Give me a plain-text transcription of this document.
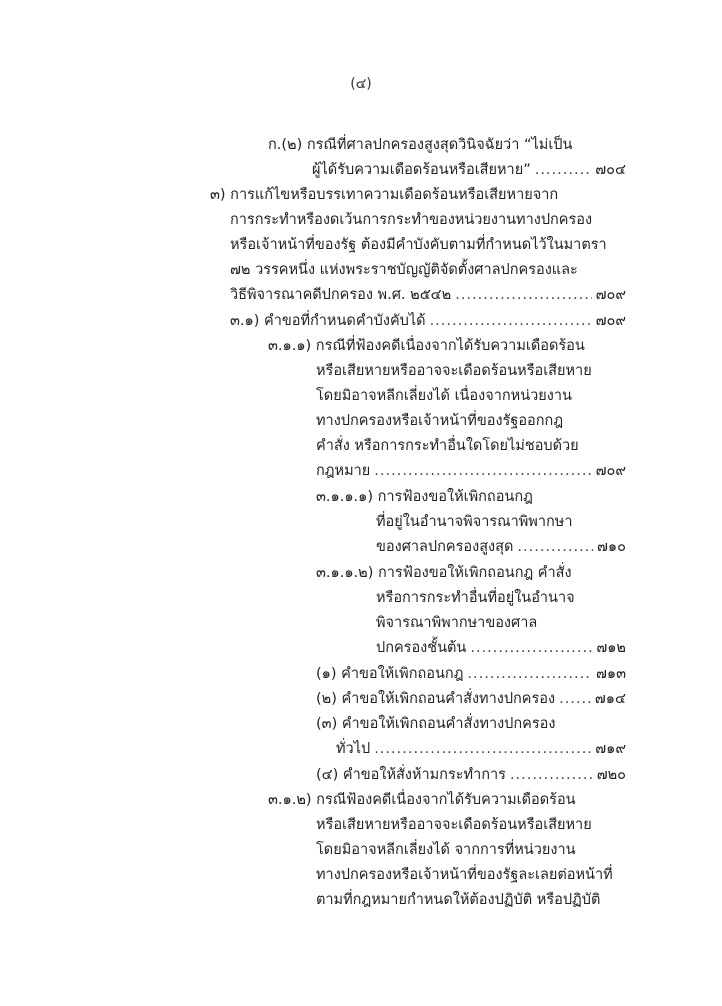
(๔)
ก.(๒) กรณีที่ศาลปกครองสูงสุดวินิจฉัยว่า “ไม่เป็น
ผู้ได้รับความเดือดร้อนหรือเสียหาย” .....	๗๐๔
๓) การแก้ไขหรือบรรเทาความเดือดร้อนหรือเสียหายจาก
การกระทำหรืองดเว้นการกระทำของหน่วยงานทางปกครอง
หรือเจ้าหน้าที่ของรัฐ ต้องมีคำบังคับตามที่กำหนดไว้ในมาตรา
๗๒ วรรคหนึ่ง แห่งพระราชบัญญัติจัดตั้งศาลปกครองและ
วิธีพิจารณาคดีปกครอง พ.ศ. ๒๕๔๒ .....	๗๐๙
๓.๑) คำขอที่กำหนดคำบังคับได้ .....	๗๐๙
๓.๑.๑) กรณีที่ฟ้องคดีเนื่องจากได้รับความเดือดร้อน
หรือเสียหายหรืออาจจะเดือดร้อนหรือเสียหาย
โดยมิอาจหลีกเลี่ยงได้ เนื่องจากหน่วยงาน
ทางปกครองหรือเจ้าหน้าที่ของรัฐออกกฎ
คำสั่ง หรือการกระทำอื่นใดโดยไม่ชอบด้วย
กฎหมาย .....	๗๐๙
๓.๑.๑.๑) การฟ้องขอให้เพิกถอนกฎ
ที่อยู่ในอำนาจพิจารณาพิพากษา
ของศาลปกครองสูงสุด .....	๗๑๐
๓.๑.๑.๒) การฟ้องขอให้เพิกถอนกฎ คำสั่ง
หรือการกระทำอื่นที่อยู่ในอำนาจ
พิจารณาพิพากษาของศาล
ปกครองชั้นต้น .....	๗๑๒
(๑) คำขอให้เพิกถอนกฎ .....	๗๑๓
(๒) คำขอให้เพิกถอนคำสั่งทางปกครอง .....	๗๑๔
(๓) คำขอให้เพิกถอนคำสั่งทางปกครอง
ทั่วไป .....	๗๑๙
(๔) คำขอให้สั่งห้ามกระทำการ .....	๗๒๐
๓.๑.๒) กรณีฟ้องคดีเนื่องจากได้รับความเดือดร้อน
หรือเสียหายหรืออาจจะเดือดร้อนหรือเสียหาย
โดยมิอาจหลีกเลี่ยงได้ จากการที่หน่วยงาน
ทางปกครองหรือเจ้าหน้าที่ของรัฐละเลยต่อหน้าที่
ตามที่กฎหมายกำหนดให้ต้องปฏิบัติ หรือปฏิบัติ
